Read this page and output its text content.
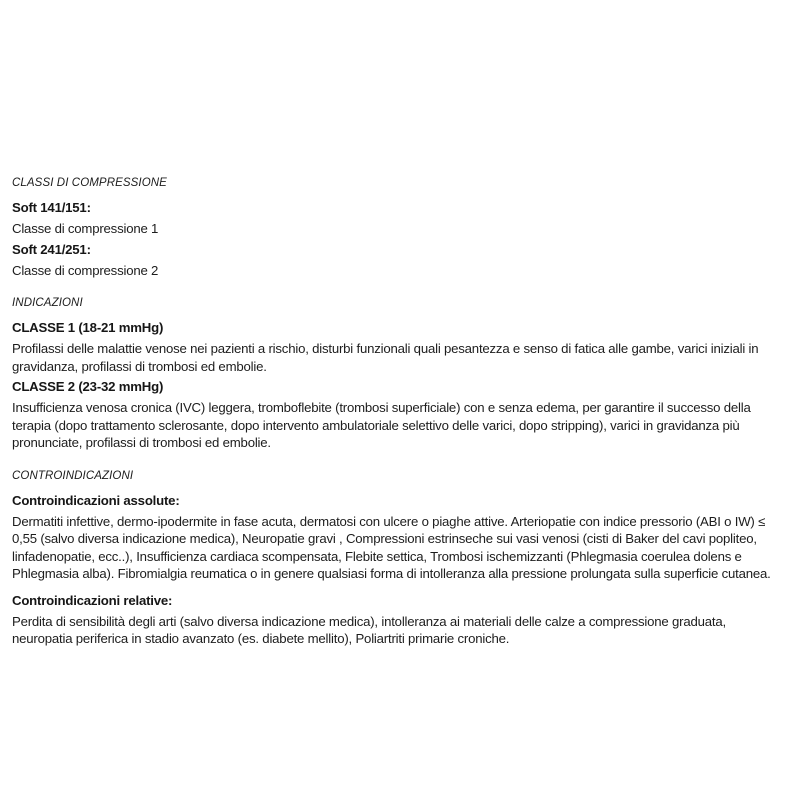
CLASSI DI COMPRESSIONE

Soft 141/151:

Classe di compressione 1

Soft 241/251:

Classe di compressione 2

INDICAZIONI

CLASSE 1 (18-21 mmHg)

Profilassi delle malattie venose nei pazienti a rischio, disturbi funzionali quali pesantezza e senso di fatica alle gambe, varici iniziali in gravidanza, profilassi di trombosi ed embolie.

CLASSE 2 (23-32 mmHg)

Insufficienza venosa cronica (IVC) leggera, tromboflebite (trombosi superficiale) con e senza edema, per garantire il successo della terapia (dopo trattamento sclerosante, dopo intervento ambulatoriale selettivo delle varici, dopo stripping), varici in gravidanza più pronunciate, profilassi di trombosi ed embolie.

CONTROINDICAZIONI

Controindicazioni assolute:

Dermatiti infettive, dermo-ipodermite in fase acuta, dermatosi con ulcere o piaghe attive. Arteriopatie con indice pressorio (ABI o IW) ≤ 0,55 (salvo diversa indicazione medica), Neuropatie gravi , Compressioni estrinseche sui vasi venosi (cisti di Baker del cavi popliteo, linfadenopatie, ecc..), Insufficienza cardiaca scompensata, Flebite settica, Trombosi ischemizzanti (Phlegmasia coerulea dolens e Phlegmasia alba). Fibromialgia reumatica o in genere qualsiasi forma di intolleranza alla pressione prolungata sulla superficie cutanea.

Controindicazioni relative:

Perdita di sensibilità degli arti (salvo diversa indicazione medica), intolleranza ai materiali delle calze a compressione graduata, neuropatia periferica in stadio avanzato (es. diabete mellito), Poliartriti primarie croniche.
